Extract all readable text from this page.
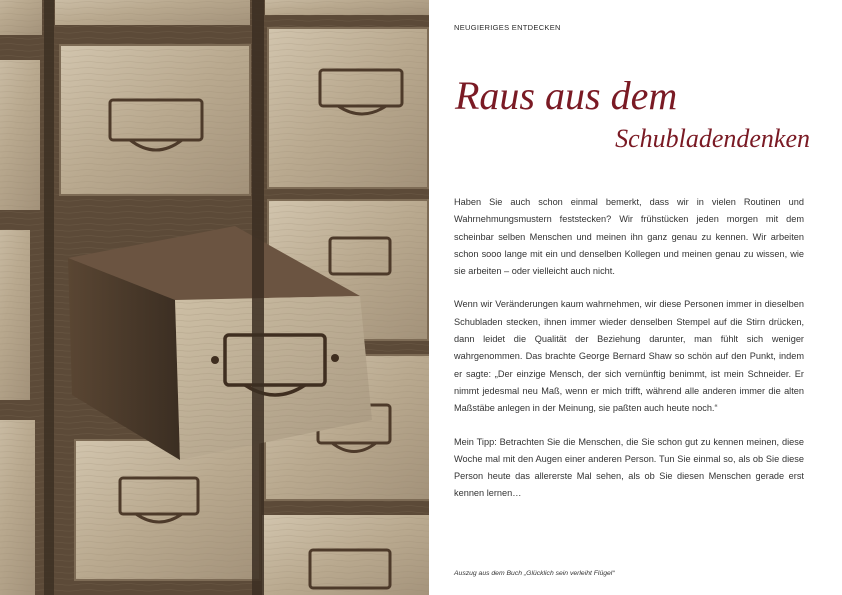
NEUGIERIGES ENTDECKEN
Raus aus dem
Schubladendenken

Haben Sie auch schon einmal bemerkt, dass wir in vielen Routinen und Wahrnehmungsmustern feststecken? Wir frühstücken jeden morgen mit dem scheinbar selben Menschen und meinen ihn ganz genau zu kennen. Wir arbeiten schon sooo lange mit ein und denselben Kollegen und meinen genau zu wissen, wie sie arbeiten – oder vielleicht auch nicht.

Wenn wir Veränderungen kaum wahrnehmen, wir diese Personen immer in dieselben Schubladen stecken, ihnen immer wieder denselben Stempel auf die Stirn drücken, dann leidet die Qualität der Beziehung darunter, man fühlt sich weniger wahrgenommen. Das brachte George Bernard Shaw so schön auf den Punkt, indem er sagte: „Der einzige Mensch, der sich vernünftig benimmt, ist mein Schneider. Er nimmt jedesmal neu Maß, wenn er mich trifft, während alle anderen immer die alten Maßstäbe anlegen in der Meinung, sie paßten auch heute noch.“

Mein Tipp: Betrachten Sie die Menschen, die Sie schon gut zu kennen meinen, diese Woche mal mit den Augen einer anderen Person. Tun Sie einmal so, als ob Sie diese Person heute das allererste Mal sehen, als ob Sie diesen Menschen gerade erst kennen lernen…

Auszug aus dem Buch „Glücklich sein verleiht Flügel“
